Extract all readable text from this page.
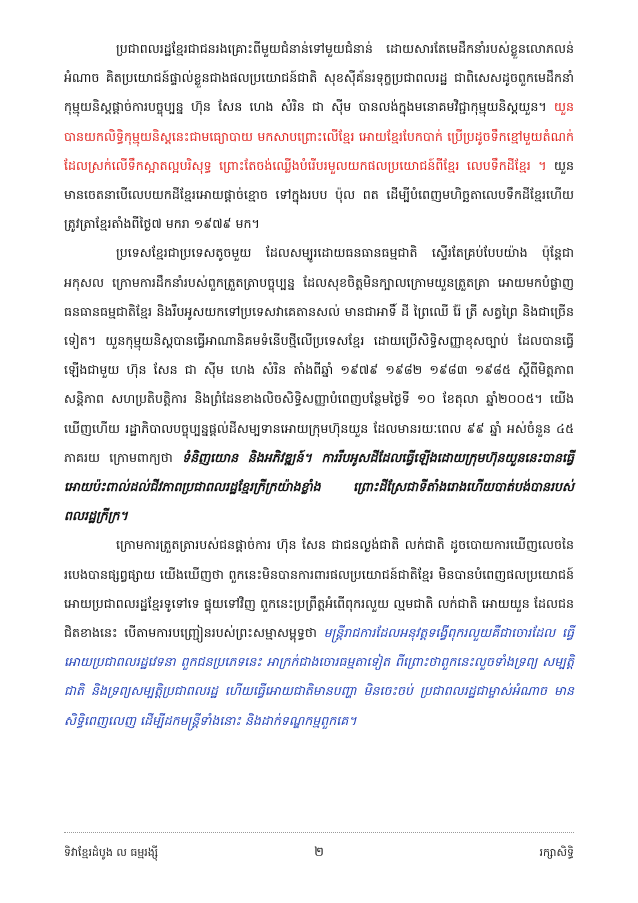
ប្រជាពលរដ្ឋខ្មែរជាជនរងគ្រោះពីមួយជំនាន់ទៅមួយជំនាន់ ដោយសារតែមេដឹកនាំរបស់ខ្លួនលោភលន់អំណាច គិតប្រយោជន៍ផ្ទាល់ខ្លួនជាងផលប្រយោជន៍ជាតិ សុខស៊ីគ័នរទុក្ខប្រជាពលរដ្ឋ ជាពិសេសដូចពួកមេដឹកនាំកុម្មុយនិស្តផ្តាច់ការបច្ចុប្បន្ន ហ៊ុន សែន ហេង សំរិន ជា ស៊ីម បានលង់ក្នុងមនោគមវិជ្ជាកុម្មុយនិស្តយួន។ យួនបានយកលិទ្ធិកុម្មុយនិស្តនេះជាមធ្យោបាយ មកសាបព្រោះលើខ្មែរ អោយខ្មែរបែកបាក់ ប្រើប្រដូចទឹកខ្មៅមួយតំណក់ដែលស្រក់លើទឹកស្អាតល្អបរិសុទ្ធ ព្រោះតែចង់ឈ្លើងបំរើបរមួលយកផលប្រយោជន៍ពីខ្មែរ លេបទឹកដីខ្មែរ ។ យួនមានចេតនាបើលេបយកដីខ្មែរអោយផ្តាច់ខ្មោច ទៅក្នុងរបប ប៉ុល ពត ដើម្បីបំពេញមហិច្ឆតាលេបទឹកដីខ្មែរហើយត្រូវត្រាខ្មែរតាំងពីថ្ងៃ៧ មករា ១៩៧៩ មក។

ប្រទេសខ្មែរជាប្រទេសតូចមួយ ដែលសម្បូរដោយធនធានធម្មជាតិ ស្ទើរតែគ្រប់បែបយ៉ាង ប៉ុន្តែជាអកុសល ក្រោមការដឹកនាំរបស់ពួកត្រួតត្រាបច្ចុប្បន្ន ដែលសុខចិត្តមិនក្បាលក្រោមយួនត្រួតត្រា អោយមកបំផ្លាញធនធានធម្មជាតិខ្មែរ និងរឹបអូសយកទៅប្រទេសវាគេតានសល់ មានជាអាទិ៍ ដី ព្រៃឈើ រ៉ែ ត្រី សត្វព្រៃ និងជាច្រើនទៀត។ យួនកុម្មុយនិស្តបានធ្វើអាណានិគមទំនើបថ្មីលើប្រទេសខ្មែរ ដោយប្រើសិទ្ធិសញ្ញាខុសច្បាប់ ដែលបានធ្វើឡើងជាមួយ ហ៊ុន សែន ជា ស៊ីម ហេង សំរិន តាំងពីឆ្នាំ ១៩៧៩ ១៩៨២ ១៩៨៣ ១៩៨៥ ស្តីពីមិត្តភាព សន្តិភាព សហប្រតិបត្តិការ និងព្រំដែនខាងលិចសិទ្ធិសញ្ញាបំពេញបន្ថែមថ្ងៃទី ១០ ខែតុលា ឆ្នាំ២០០៥។ យើងឃើញហើយ រដ្ឋាភិបាលបច្ចុប្បន្នផ្តល់ដីសម្បទានអោយក្រុមហ៊ុនយួន ដែលមានរយៈពេល ៩៩ ឆ្នាំ អស់ចំនួន ៤៥ ភាគរយ ក្រោមពាក្យថា ទំនិញយោន និងអភិវឌ្ឍន៍។ ការរឹបអូសដីដែលធ្វើឡើងដោយក្រុមហ៊ុនយួននេះបានធ្វើអោយប៉ះពាល់ដល់ជីវភាពប្រជាពលរដ្ឋខ្មែរក្រីក្រយ៉ាងខ្លាំង ព្រោះដីស្រែជាទីតាំងរោងហើយបាត់បង់បានរបស់ពលរដ្ឋក្រីក្រ។

ក្រោមការត្រួតត្រារបស់ជនផ្តាច់ការ ហ៊ុន សែន ជាជនល្ងង់ជាតិ លក់ជាតិ ដូចបោយការឃើញលេចនៃរបេងបានផ្សព្វផ្សាយ យើងឃើញថា ពួកនេះមិនបានការពារផលប្រយោជន៍ជាតិខ្មែរ មិនបានបំពេញផលប្រយោជន៍អោយប្រជាពលរដ្ឋខ្មែរទូទៅទេ ផ្ទុយទៅវិញ ពួកនេះប្រព្រឹត្តអំពើពុករលួយ ល្មមជាតិ លក់ជាតិ អោយយួន ដែលជនជិតខាងនេះ បើតាមការបញ្ជ្រៀនរបស់ព្រះសម្មាសម្ពុទ្ធថា មន្ត្រីរាជការដែលអនុវត្តទង្វើពុករលួយគឺជាចោរដែល ធ្វើអោយប្រជាពលរដ្ឋវេទនា ពួកជនប្រភេទនេះ អាក្រក់ជាងចោរធម្មតាទៀត ពីព្រោះថាពួកនេះលួចទាំងទ្រព្យ សម្បត្តិជាតិ និងទ្រព្យសម្បត្តិប្រជាពលរដ្ឋ ហើយធ្វើអោយជាតិមានបញ្ហា មិនចេះចប់ ប្រជាពលរដ្ឋជាម្ចាស់អំណាច មានសិទ្ធិពេញលេញ ដើម្បីដកមន្ត្រីទាំងនោះ និងដាក់ទណ្ឌកម្មពួកគេ។

ទិវាខ្មែរដំបូង ល ធម្មរង្ស៊ី	២	រក្សាសិទ្ធិ
